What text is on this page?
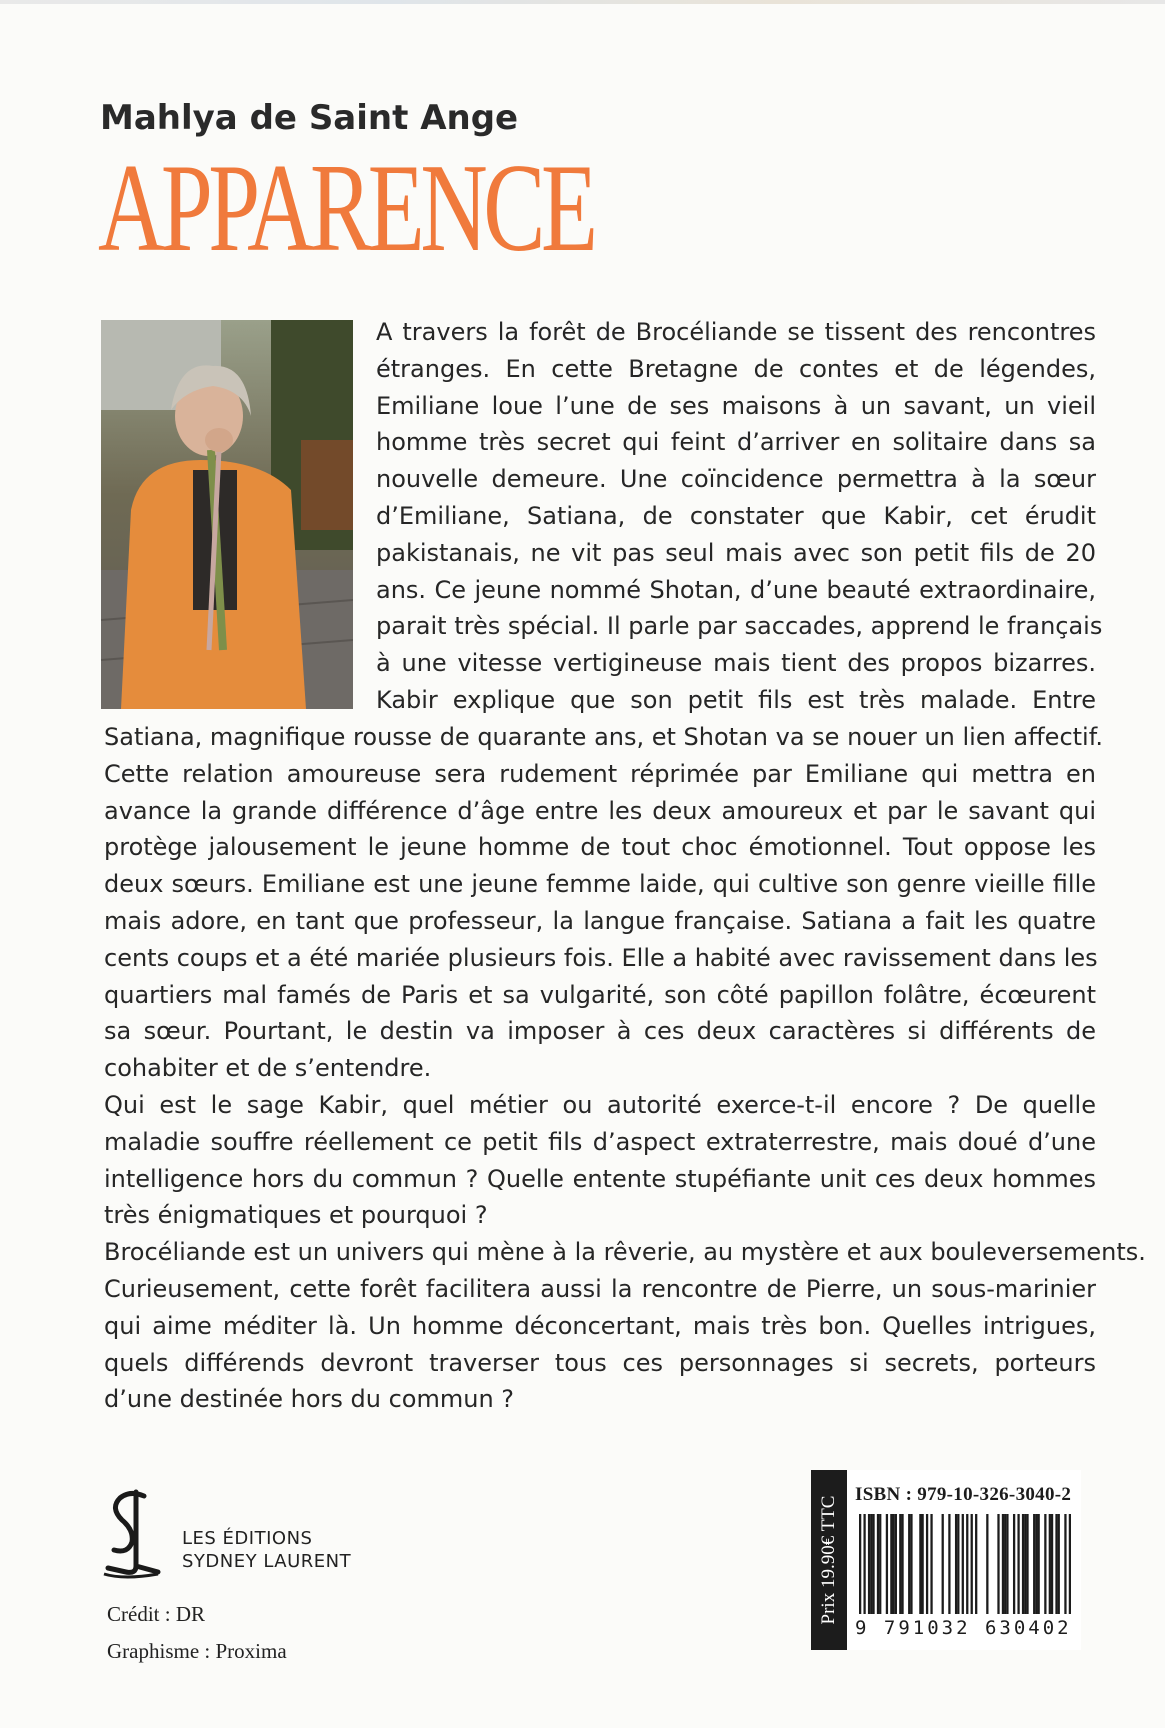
Mahlya de Saint Ange
APPARENCE
A travers la forêt de Brocéliande se tissent des rencontres
étranges. En cette Bretagne de contes et de légendes,
Emiliane loue l’une de ses maisons à un savant, un vieil
homme très secret qui feint d’arriver en solitaire dans sa
nouvelle demeure. Une coïncidence permettra à la sœur
d’Emiliane, Satiana, de constater que Kabir, cet érudit
pakistanais, ne vit pas seul mais avec son petit fils de 20
ans. Ce jeune nommé Shotan, d’une beauté extraordinaire,
parait très spécial. Il parle par saccades, apprend le français
à une vitesse vertigineuse mais tient des propos bizarres.
Kabir explique que son petit fils est très malade. Entre
Satiana, magnifique rousse de quarante ans, et Shotan va se nouer un lien affectif.
Cette relation amoureuse sera rudement réprimée par Emiliane qui mettra en
avance la grande différence d’âge entre les deux amoureux et par le savant qui
protège jalousement le jeune homme de tout choc émotionnel. Tout oppose les
deux sœurs. Emiliane est une jeune femme laide, qui cultive son genre vieille fille
mais adore, en tant que professeur, la langue française. Satiana a fait les quatre
cents coups et a été mariée plusieurs fois. Elle a habité avec ravissement dans les
quartiers mal famés de Paris et sa vulgarité, son côté papillon folâtre, écœurent
sa sœur. Pourtant, le destin va imposer à ces deux caractères si différents de
cohabiter et de s’entendre.
Qui est le sage Kabir, quel métier ou autorité exerce-t-il encore ? De quelle
maladie souffre réellement ce petit fils d’aspect extraterrestre, mais doué d’une
intelligence hors du commun ? Quelle entente stupéfiante unit ces deux hommes
très énigmatiques et pourquoi ?
Brocéliande est un univers qui mène à la rêverie, au mystère et aux bouleversements.
Curieusement, cette forêt facilitera aussi la rencontre de Pierre, un sous-marinier
qui aime méditer là. Un homme déconcertant, mais très bon. Quelles intrigues,
quels différends devront traverser tous ces personnages si secrets, porteurs
d’une destinée hors du commun ?
LES ÉDITIONS
SYDNEY LAURENT
Crédit : DR
Graphisme : Proxima
Prix 19.90€ TTC
ISBN : 979-10-326-3040-2
9 791032 630402
